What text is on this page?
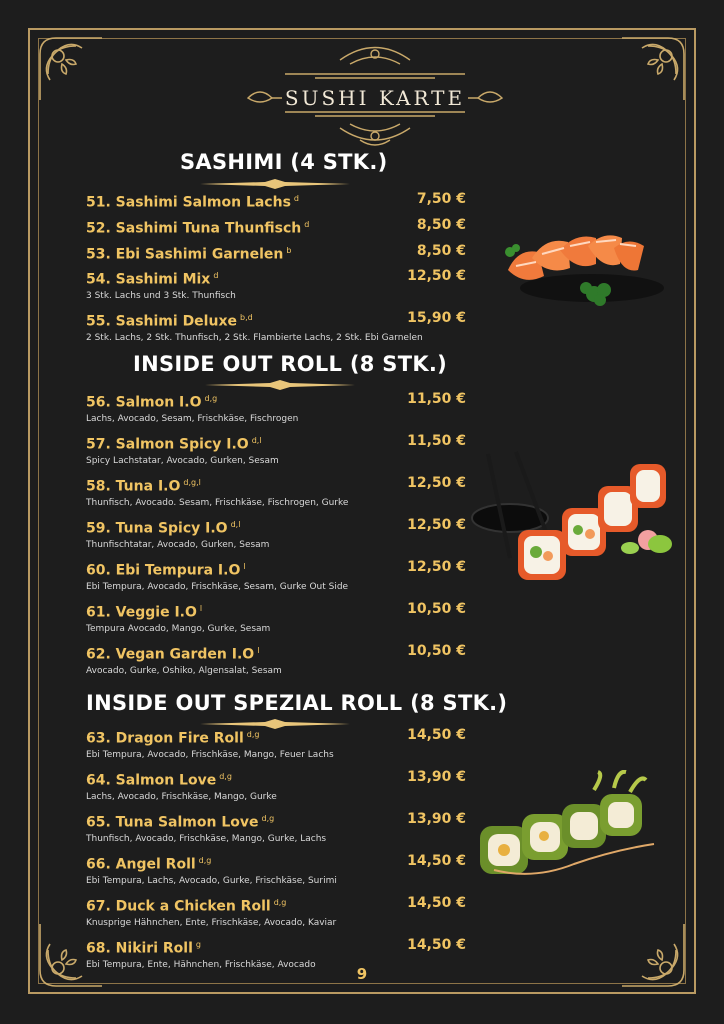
SUSHI KARTE
SASHIMI (4 STK.)
51. Sashimi Salmon Lachs $^d$	7,50 €
52. Sashimi Tuna Thunfisch $^d$	8,50 €
53. Ebi Sashimi Garnelen $^b$	8,50 €
54. Sashimi Mix $^d$	12,50 €
3 Stk. Lachs und 3 Stk. Thunfisch
55. Sashimi Deluxe $^{b,d}$	15,90 €
2 Stk. Lachs, 2 Stk. Thunfisch, 2 Stk. Flambierte Lachs, 2 Stk. Ebi Garnelen
INSIDE OUT ROLL (8 STK.)
56. Salmon I.O $^{d,g}$	11,50 €
Lachs, Avocado, Sesam, Frischkäse, Fischrogen
57. Salmon Spicy I.O $^{d,l}$	11,50 €
Spicy Lachstatar, Avocado, Gurken, Sesam
58. Tuna I.O $^{d,g,l}$	12,50 €
Thunfisch, Avocado. Sesam, Frischkäse, Fischrogen, Gurke
59. Tuna Spicy I.O $^{d,l}$	12,50 €
Thunfischtatar, Avocado, Gurken, Sesam
60. Ebi Tempura I.O $^l$	12,50 €
Ebi Tempura, Avocado, Frischkäse, Sesam, Gurke Out Side
61. Veggie I.O $^l$	10,50 €
Tempura Avocado, Mango, Gurke, Sesam
62. Vegan Garden I.O $^l$	10,50 €
Avocado, Gurke, Oshiko, Algensalat, Sesam
INSIDE OUT SPEZIAL ROLL (8 STK.)
63. Dragon Fire Roll $^{d,g}$	14,50 €
Ebi Tempura, Avocado, Frischkäse, Mango, Feuer Lachs
64. Salmon Love $^{d,g}$	13,90 €
Lachs, Avocado, Frischkäse, Mango, Gurke
65. Tuna Salmon Love $^{d,g}$	13,90 €
Thunfisch, Avocado, Frischkäse, Mango, Gurke, Lachs
66. Angel Roll $^{d,g}$	14,50 €
Ebi Tempura, Lachs, Avocado, Gurke, Frischkäse, Surimi
67. Duck a Chicken Roll $^{d,g}$	14,50 €
Knusprige Hähnchen, Ente, Frischkäse, Avocado, Kaviar
68. Nikiri Roll $^g$	14,50 €
Ebi Tempura, Ente, Hähnchen, Frischkäse, Avocado	9
